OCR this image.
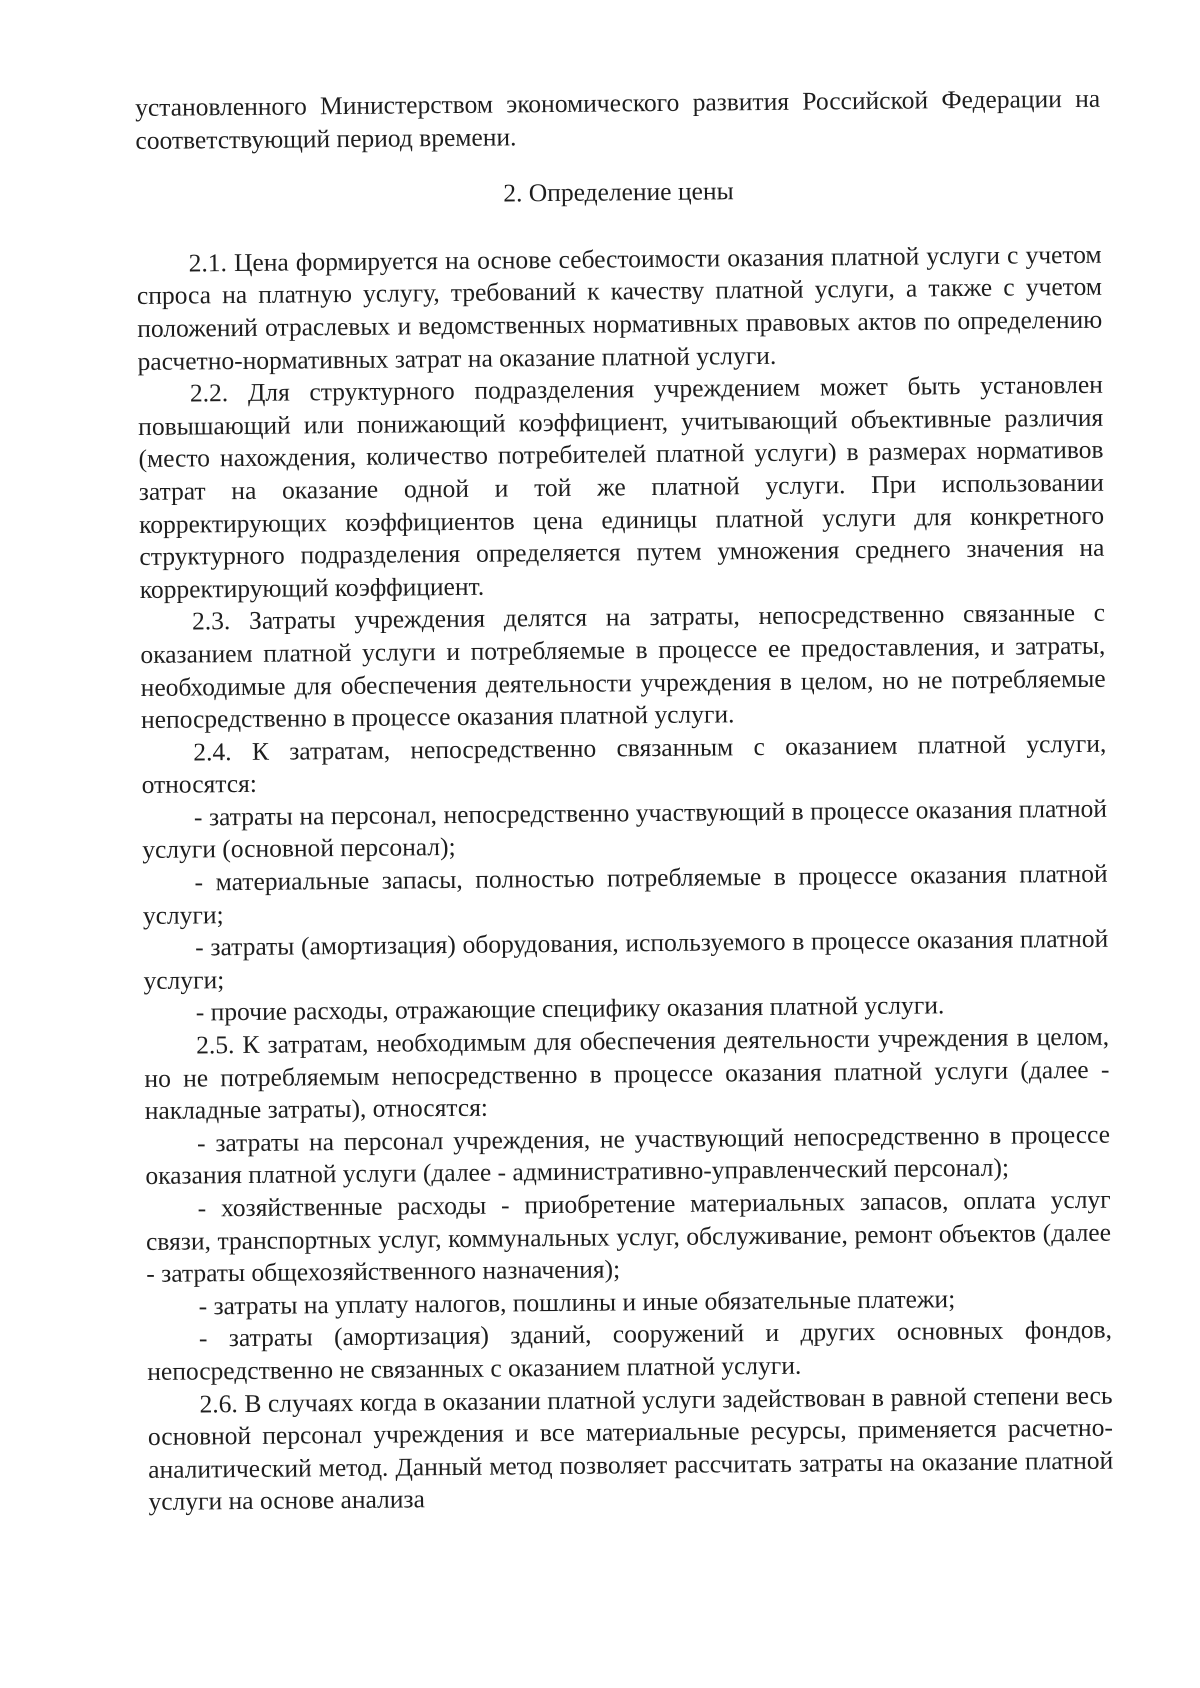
установленного Министерством экономического развития Российской Федерации на соответствующий период времени.

2. Определение цены

2.1. Цена формируется на основе себестоимости оказания платной услуги с учетом спроса на платную услугу, требований к качеству платной услуги, а также с учетом положений отраслевых и ведомственных нормативных правовых актов по определению расчетно-нормативных затрат на оказание платной услуги.

2.2. Для структурного подразделения учреждением может быть установлен повышающий или понижающий коэффициент, учитывающий объективные различия (место нахождения, количество потребителей платной услуги) в размерах нормативов затрат на оказание одной и той же платной услуги. При использовании корректирующих коэффициентов цена единицы платной услуги для конкретного структурного подразделения определяется путем умножения среднего значения на корректирующий коэффициент.

2.3. Затраты учреждения делятся на затраты, непосредственно связанные с оказанием платной услуги и потребляемые в процессе ее предоставления, и затраты, необходимые для обеспечения деятельности учреждения в целом, но не потребляемые непосредственно в процессе оказания платной услуги.

2.4. К затратам, непосредственно связанным с оказанием платной услуги, относятся:

- затраты на персонал, непосредственно участвующий в процессе оказания платной услуги (основной персонал);

- материальные запасы, полностью потребляемые в процессе оказания платной услуги;

- затраты (амортизация) оборудования, используемого в процессе оказания платной услуги;

- прочие расходы, отражающие специфику оказания платной услуги.

2.5. К затратам, необходимым для обеспечения деятельности учреждения в целом, но не потребляемым непосредственно в процессе оказания платной услуги (далее - накладные затраты), относятся:

- затраты на персонал учреждения, не участвующий непосредственно в процессе оказания платной услуги (далее - административно-управленческий персонал);

- хозяйственные расходы - приобретение материальных запасов, оплата услуг связи, транспортных услуг, коммунальных услуг, обслуживание, ремонт объектов (далее - затраты общехозяйственного назначения);

- затраты на уплату налогов, пошлины и иные обязательные платежи;

- затраты (амортизация) зданий, сооружений и других основных фондов, непосредственно не связанных с оказанием платной услуги.

2.6. В случаях когда в оказании платной услуги задействован в равной степени весь основной персонал учреждения и все материальные ресурсы, применяется расчетно-аналитический метод. Данный метод позволяет рассчитать затраты на оказание платной услуги на основе анализа
